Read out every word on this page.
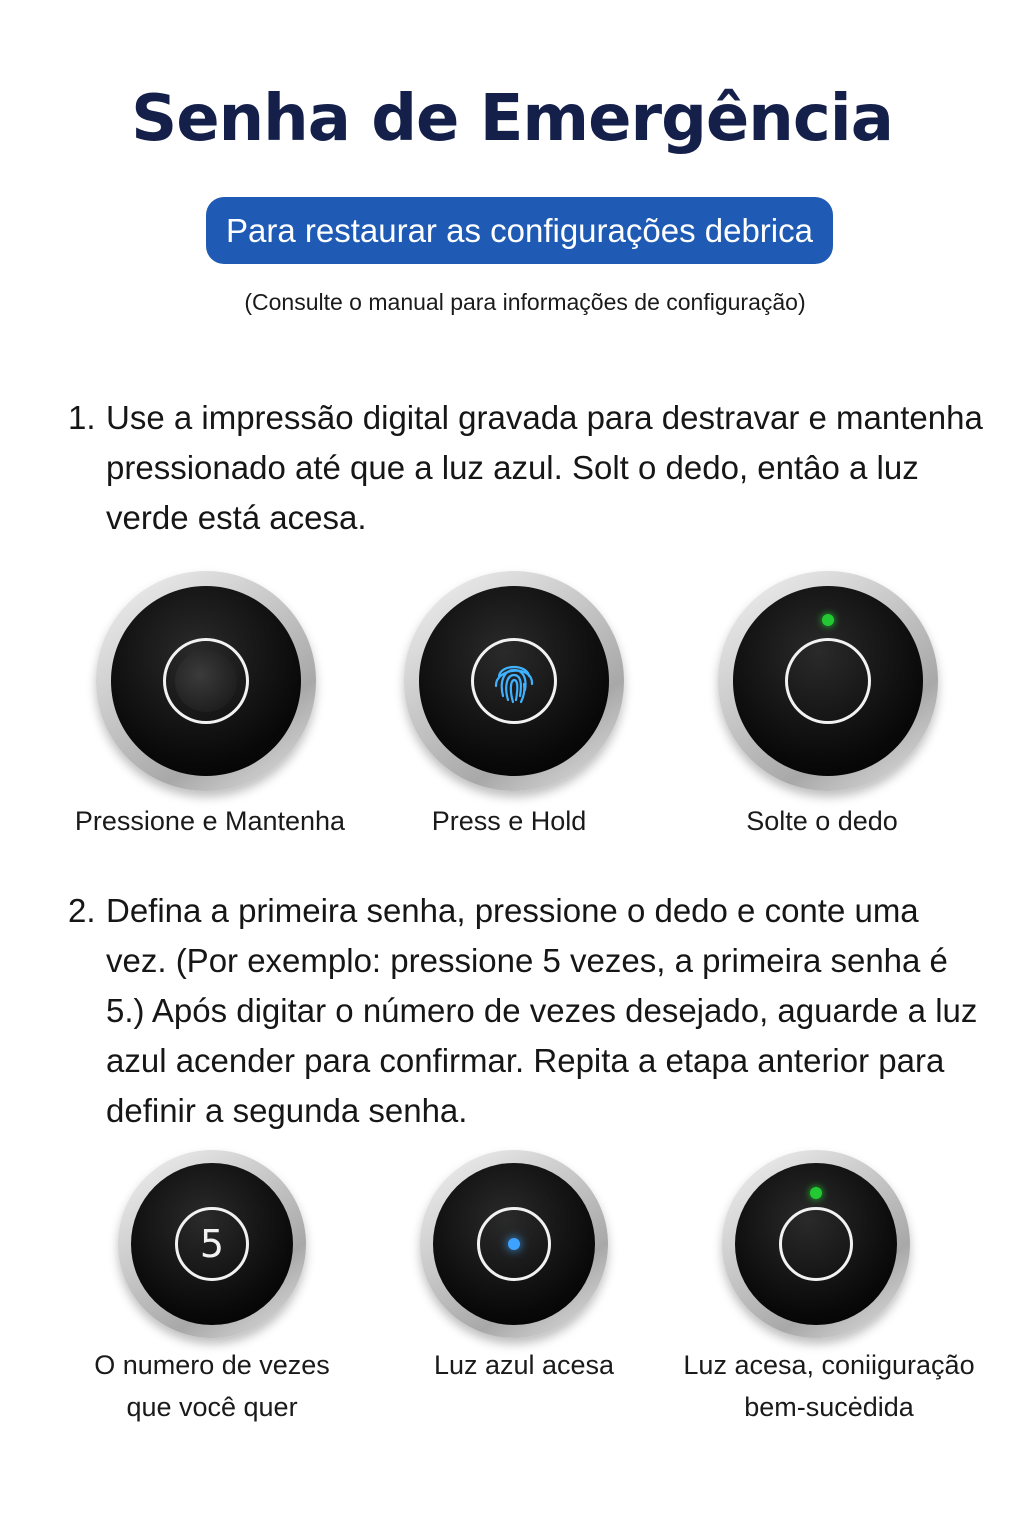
Senha de Emergência
Para restaurar as configurações debrica
(Consulte o manual para informações de configuração)
1. Use a impressão digital gravada para destravar e mantenha pressionado até que a luz azul. Solt o dedo, entâo a luz verde está acesa.
Pressione e Mantenha	Press e Hold	Solte o dedo
2. Defina a primeira senha, pressione o dedo e conte uma vez. (Por exemplo: pressione 5 vezes, a primeira senha é 5.) Após digitar o número de vezes desejado, aguarde a luz azul acender para confirmar. Repita a etapa anterior para definir a segunda senha.
5
O numero de vezes
que você quer
Luz azul acesa	Luz acesa, coniiguração
bem-sucėdida
